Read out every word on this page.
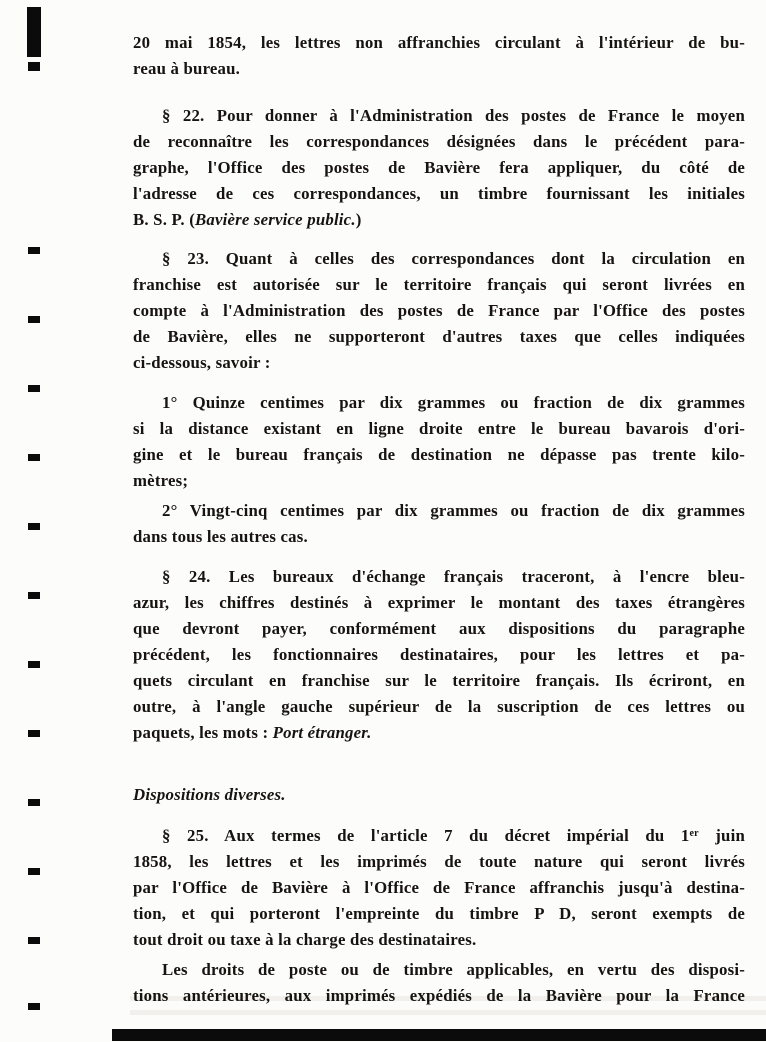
20 mai 1854, les lettres non affranchies circulant à l'intérieur de bu-
reau à bureau.
§ 22. Pour donner à l'Administration des postes de France le moyen
de reconnaître les correspondances désignées dans le précédent para-
graphe, l'Office des postes de Bavière fera appliquer, du côté de
l'adresse de ces correspondances, un timbre fournissant les initiales
B. S. P. (Bavière service public.)
§ 23. Quant à celles des correspondances dont la circulation en
franchise est autorisée sur le territoire français qui seront livrées en
compte à l'Administration des postes de France par l'Office des postes
de Bavière, elles ne supporteront d'autres taxes que celles indiquées
ci-dessous, savoir :
1° Quinze centimes par dix grammes ou fraction de dix grammes
si la distance existant en ligne droite entre le bureau bavarois d'ori-
gine et le bureau français de destination ne dépasse pas trente kilo-
mètres;
2° Vingt-cinq centimes par dix grammes ou fraction de dix grammes
dans tous les autres cas.
§ 24. Les bureaux d'échange français traceront, à l'encre bleu-
azur, les chiffres destinés à exprimer le montant des taxes étrangères
que devront payer, conformément aux dispositions du paragraphe
précédent, les fonctionnaires destinataires, pour les lettres et pa-
quets circulant en franchise sur le territoire français. Ils écriront, en
outre, à l'angle gauche supérieur de la suscription de ces lettres ou
paquets, les mots : Port étranger.
Dispositions diverses.
§ 25. Aux termes de l'article 7 du décret impérial du 1er juin
1858, les lettres et les imprimés de toute nature qui seront livrés
par l'Office de Bavière à l'Office de France affranchis jusqu'à destina-
tion, et qui porteront l'empreinte du timbre P D, seront exempts de
tout droit ou taxe à la charge des destinataires.
Les droits de poste ou de timbre applicables, en vertu des disposi-
tions antérieures, aux imprimés expédiés de la Bavière pour la France
